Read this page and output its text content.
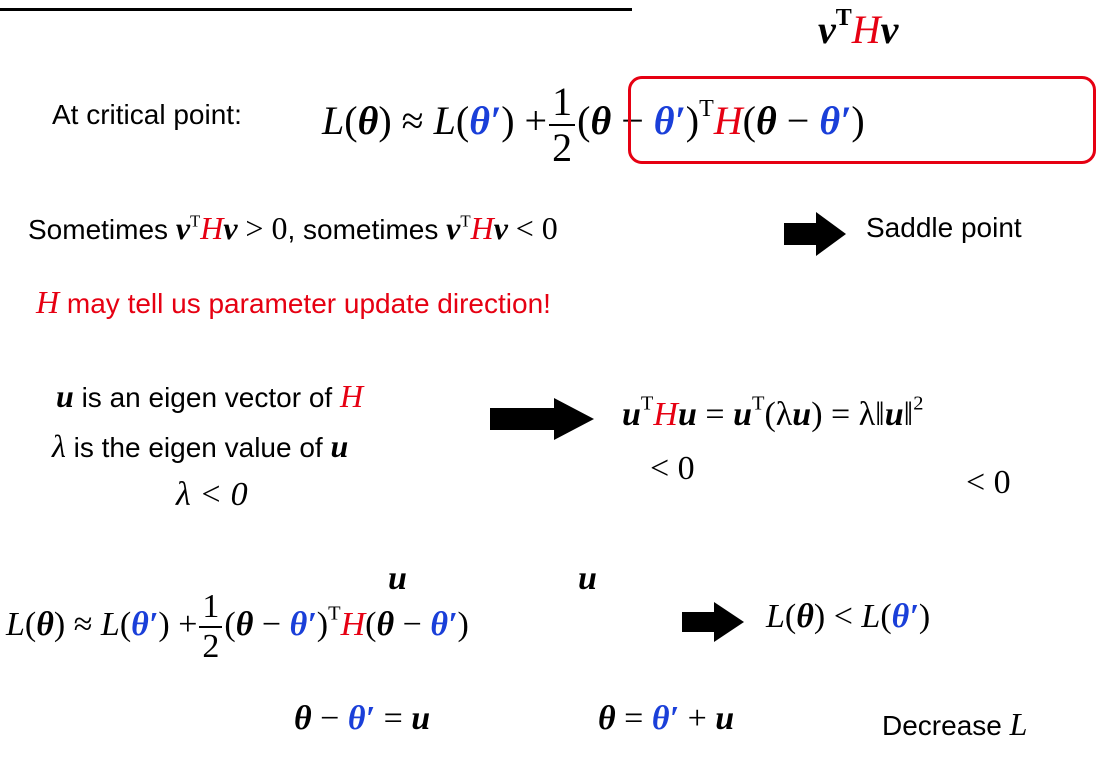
$v^THv$
At critical point: $L(\theta) \approx L(\theta') + \frac{1}{2} (\theta - \theta')^TH(\theta - \theta')$
Sometimes $v^THv > 0$, sometimes $v^THv < 0$	Saddle point
H may tell us parameter update direction!
u is an eigen vector of H
λ is the eigen value of u
λ < 0
$u^THu = u^T(\lambda u)$ = λ‖u‖$^2$
< 0	< 0
u	u
$L(\theta) \approx L(\theta') + \frac{1}{2} (\theta - \theta')^TH(\theta - \theta')$	L(θ) < L(θ′)
θ − θ′ = u	θ = θ′ + u	Decrease L
